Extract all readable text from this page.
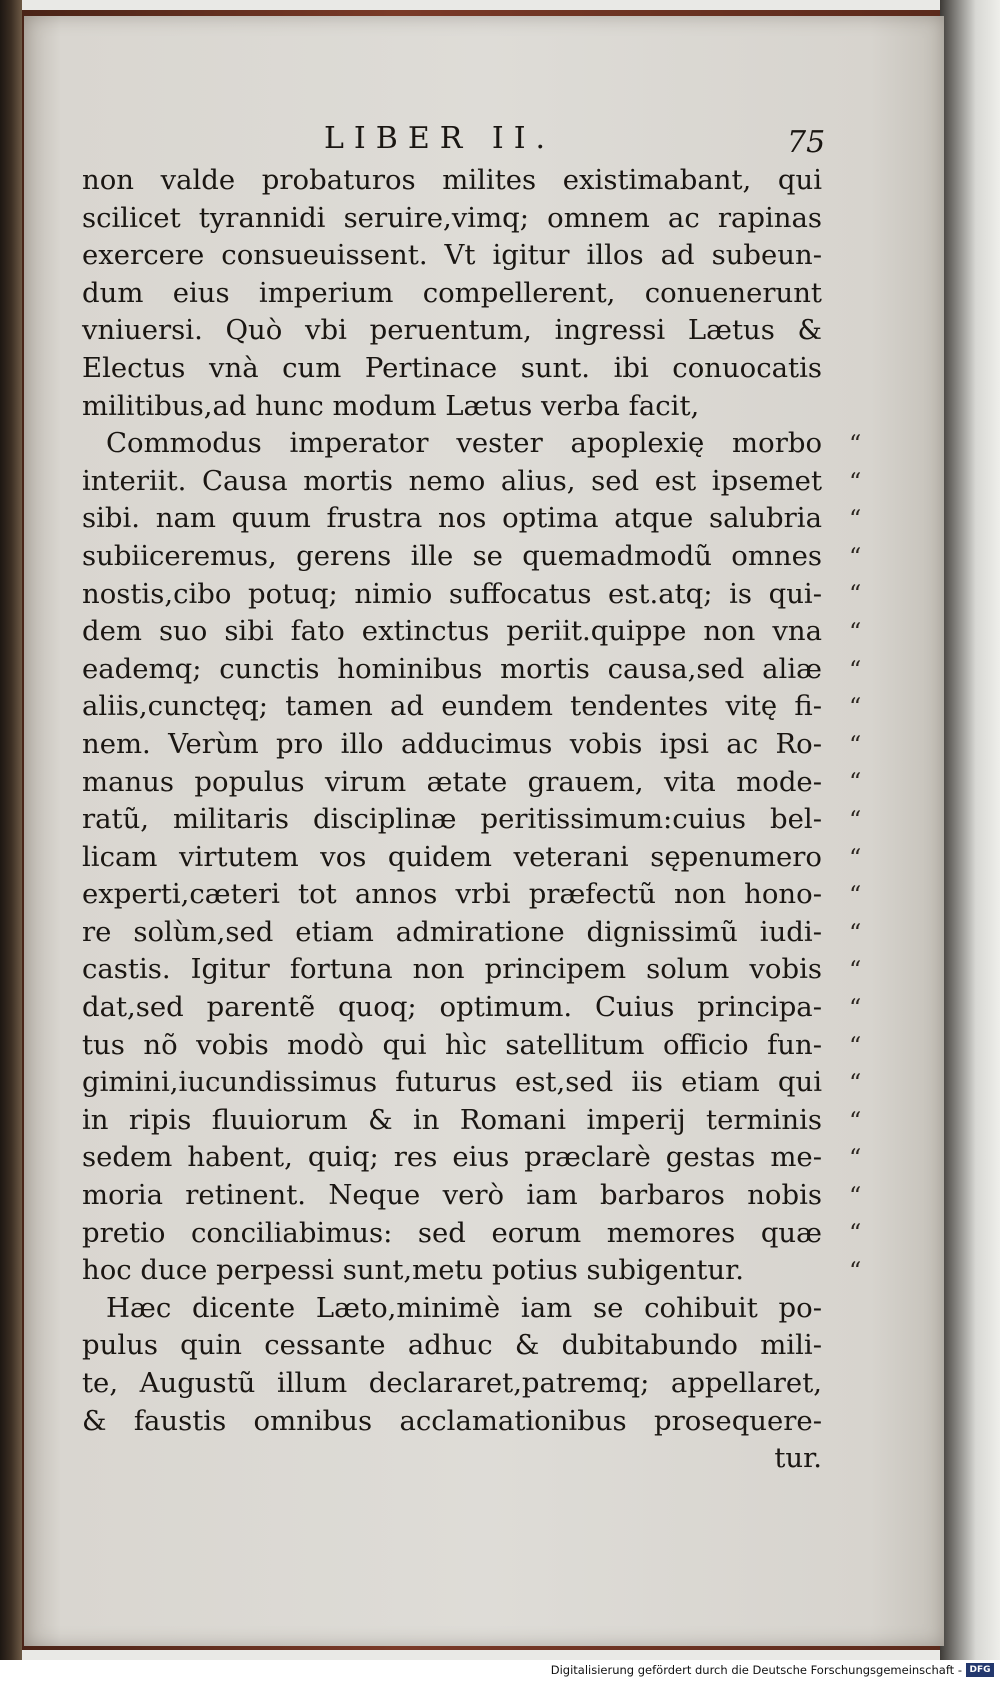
LIBER II.	75
non valde probaturos milites existimabant, qui
scilicet tyrannidi seruire,vimq; omnem ac rapinas
exercere consueuissent. Vt igitur illos ad subeun-
dum eius imperium compellerent, conuenerunt
vniuersi. Quò vbi peruentum, ingressi Lætus &
Electus vnà cum Pertinace sunt. ibi conuocatis
militibus,ad hunc modum Lætus verba facit,
Commodus imperator vester apoplexię morbo
interiit. Causa mortis nemo alius, sed est ipsemet
sibi. nam quum frustra nos optima atque salubria
subiiceremus, gerens ille se quemadmodũ omnes
nostis,cibo potuq; nimio suffocatus est.atq; is qui-
dem suo sibi fato extinctus periit.quippe non vna
eademq; cunctis hominibus mortis causa,sed aliæ
aliis,cunctęq; tamen ad eundem tendentes vitę fi-
nem. Verùm pro illo adducimus vobis ipsi ac Ro-
manus populus virum ætate grauem, vita mode-
ratũ, militaris disciplinæ peritissimum:cuius bel-
licam virtutem vos quidem veterani sępenumero
experti,cæteri tot annos vrbi præfectũ non hono-
re solùm,sed etiam admiratione dignissimũ iudi-
castis. Igitur fortuna non principem solum vobis
dat,sed parentẽ quoq; optimum. Cuius principa-
tus nõ vobis modò qui hìc satellitum officio fun-
gimini,iucundissimus futurus est,sed iis etiam qui
in ripis fluuiorum & in Romani imperij terminis
sedem habent, quiq; res eius præclarè gestas me-
moria retinent. Neque verò iam barbaros nobis
pretio conciliabimus: sed eorum memores quæ
hoc duce perpessi sunt,metu potius subigentur.
Hæc dicente Læto,minimè iam se cohibuit po-
pulus quin cessante adhuc & dubitabundo mili-
te, Augustũ illum declararet,patremq; appellaret,
& faustis omnibus acclamationibus prosequere-
tur.
“
“
“
“
“
“
“
“
“
“
“
“
“
“
“
“
“
“
“
“
“
“
“
Digitalisierung gefördert durch die Deutsche Forschungsgemeinschaft - DFG
